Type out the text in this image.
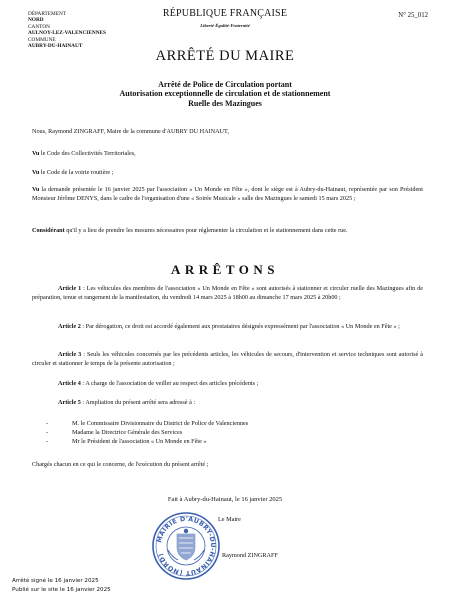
DÉPARTEMENT
NORD
CANTON
AULNOY-LEZ-VALENCIENNES
COMMUNE
AUBRY-DU-HAINAUT
RÉPUBLIQUE FRANÇAISE
Liberté-Égalité-Fraternité
N° 25_012
ARRÊTÉ DU MAIRE
Arrêté de Police de Circulation portant
Autorisation exceptionnelle de circulation et de stationnement
Ruelle des Mazingues
Nous, Raymond ZINGRAFF, Maire de la commune d'AUBRY DU HAINAUT,
Vu le Code des Collectivités Territoriales,
Vu le Code de la voirie routière ;
Vu la demande présentée le 16 janvier 2025 par l'association « Un Monde en Fête », dont le siège est à Aubry-du-Hainaut, représentée par son Président Monsieur Jérôme DENYS, dans le cadre de l'organisation d'une « Soirée Musicale » salle des Mazingues le samedi 15 mars 2025 ;
Considérant qu'il y a lieu de prendre les mesures nécessaires pour réglementer la circulation et le stationnement dans cette rue.
ARRÊTONS
Article 1 : Les véhicules des membres de l'association « Un Monde en Fête » sont autorisés à stationner et circuler ruelle des Mazingues afin de préparation, tenue et rangement de la manifestation, du vendredi 14 mars 2025 à 18h00 au dimanche 17 mars 2025 à 20h00 ;
Article 2 : Par dérogation, ce droit est accordé également aux prestataires désignés expressément par l'association « Un Monde en Fête » ;
Article 3 : Seuls les véhicules concernés par les précédents articles, les véhicules de secours, d'intervention et service techniques sont autorisé à circuler et stationner le temps de la présente autorisation ;
Article 4 : A charge de l'association de veiller au respect des articles précédents ;
Article 5 : Ampliation du présent arrêté sera adressé à :
- M. le Commissaire Divisionnaire du District de Police de Valenciennes
- Madame la Directrice Générale des Services
- Mr le Président de l'association « Un Monde en Fête »
Chargés chacun en ce qui le concerne, de l'exécution du présent arrêté ;
Fait à Aubry-du-Hainaut, le 16 janvier 2025
Le Maire
MAIRIE D'AUBRY-DU-HAINAUT (NORD)	Raymond ZINGRAFF
Arrêté signé le 16 janvier 2025
Publié sur le site le 16 janvier 2025
